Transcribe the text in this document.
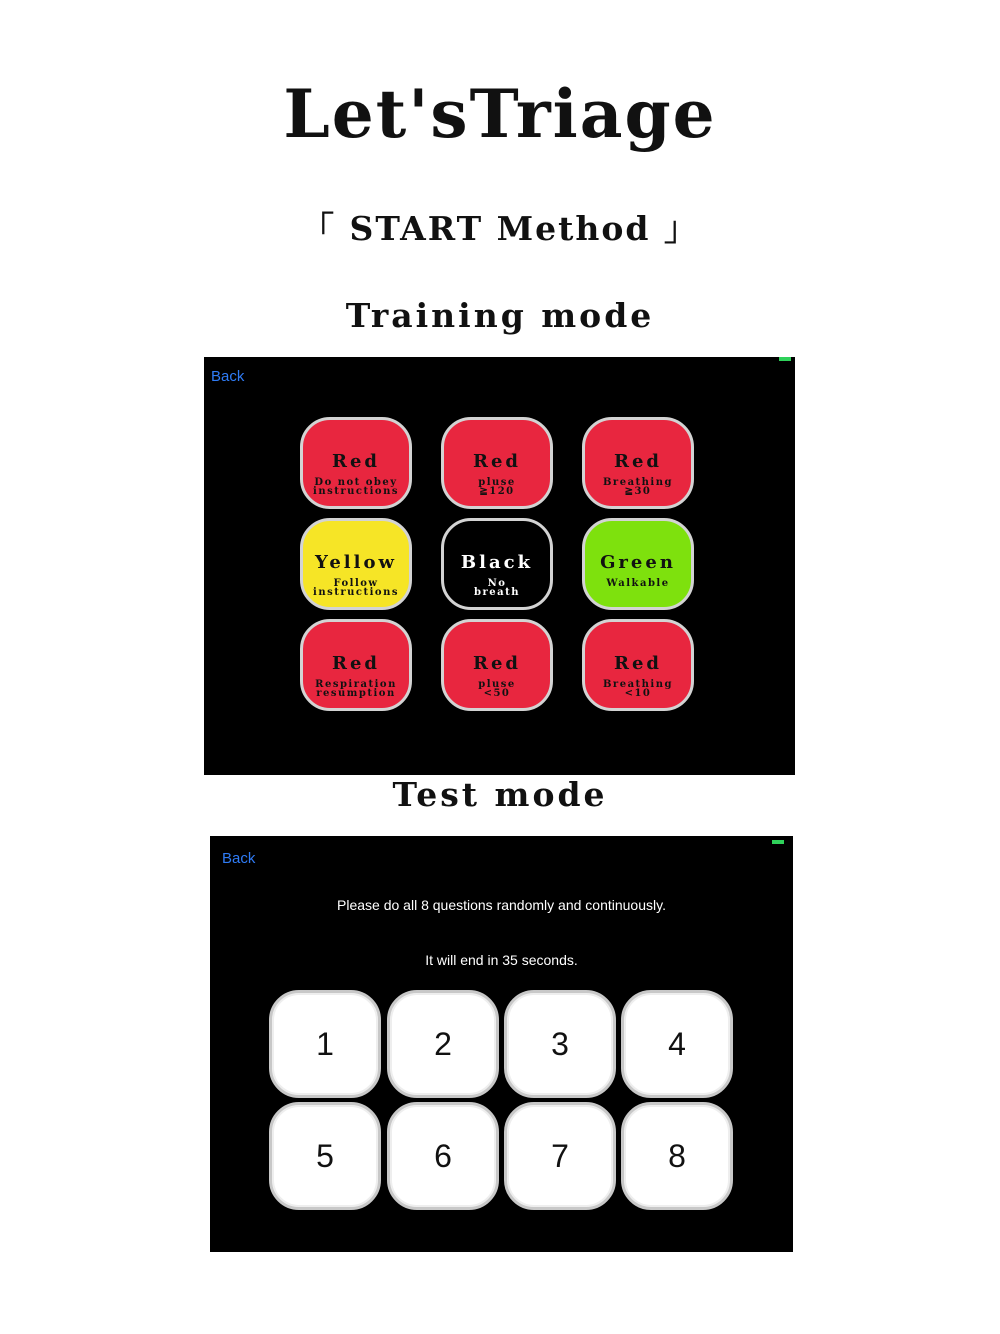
Let'sTriage
「 START Method 」
Training mode
Back
Red
Do not obey
instructions
Red
pluse
≧120
Red
Breathing
≧30
Yellow
Follow
instructions
Black
No
breath
Green
Walkable
Red
Respiration
resumption
Red
pluse
<50
Red
Breathing
<10
Test mode
Back
Please do all 8 questions randomly and continuously.
It will end in 35 seconds.
1	2	3	4
5	6	7	8
